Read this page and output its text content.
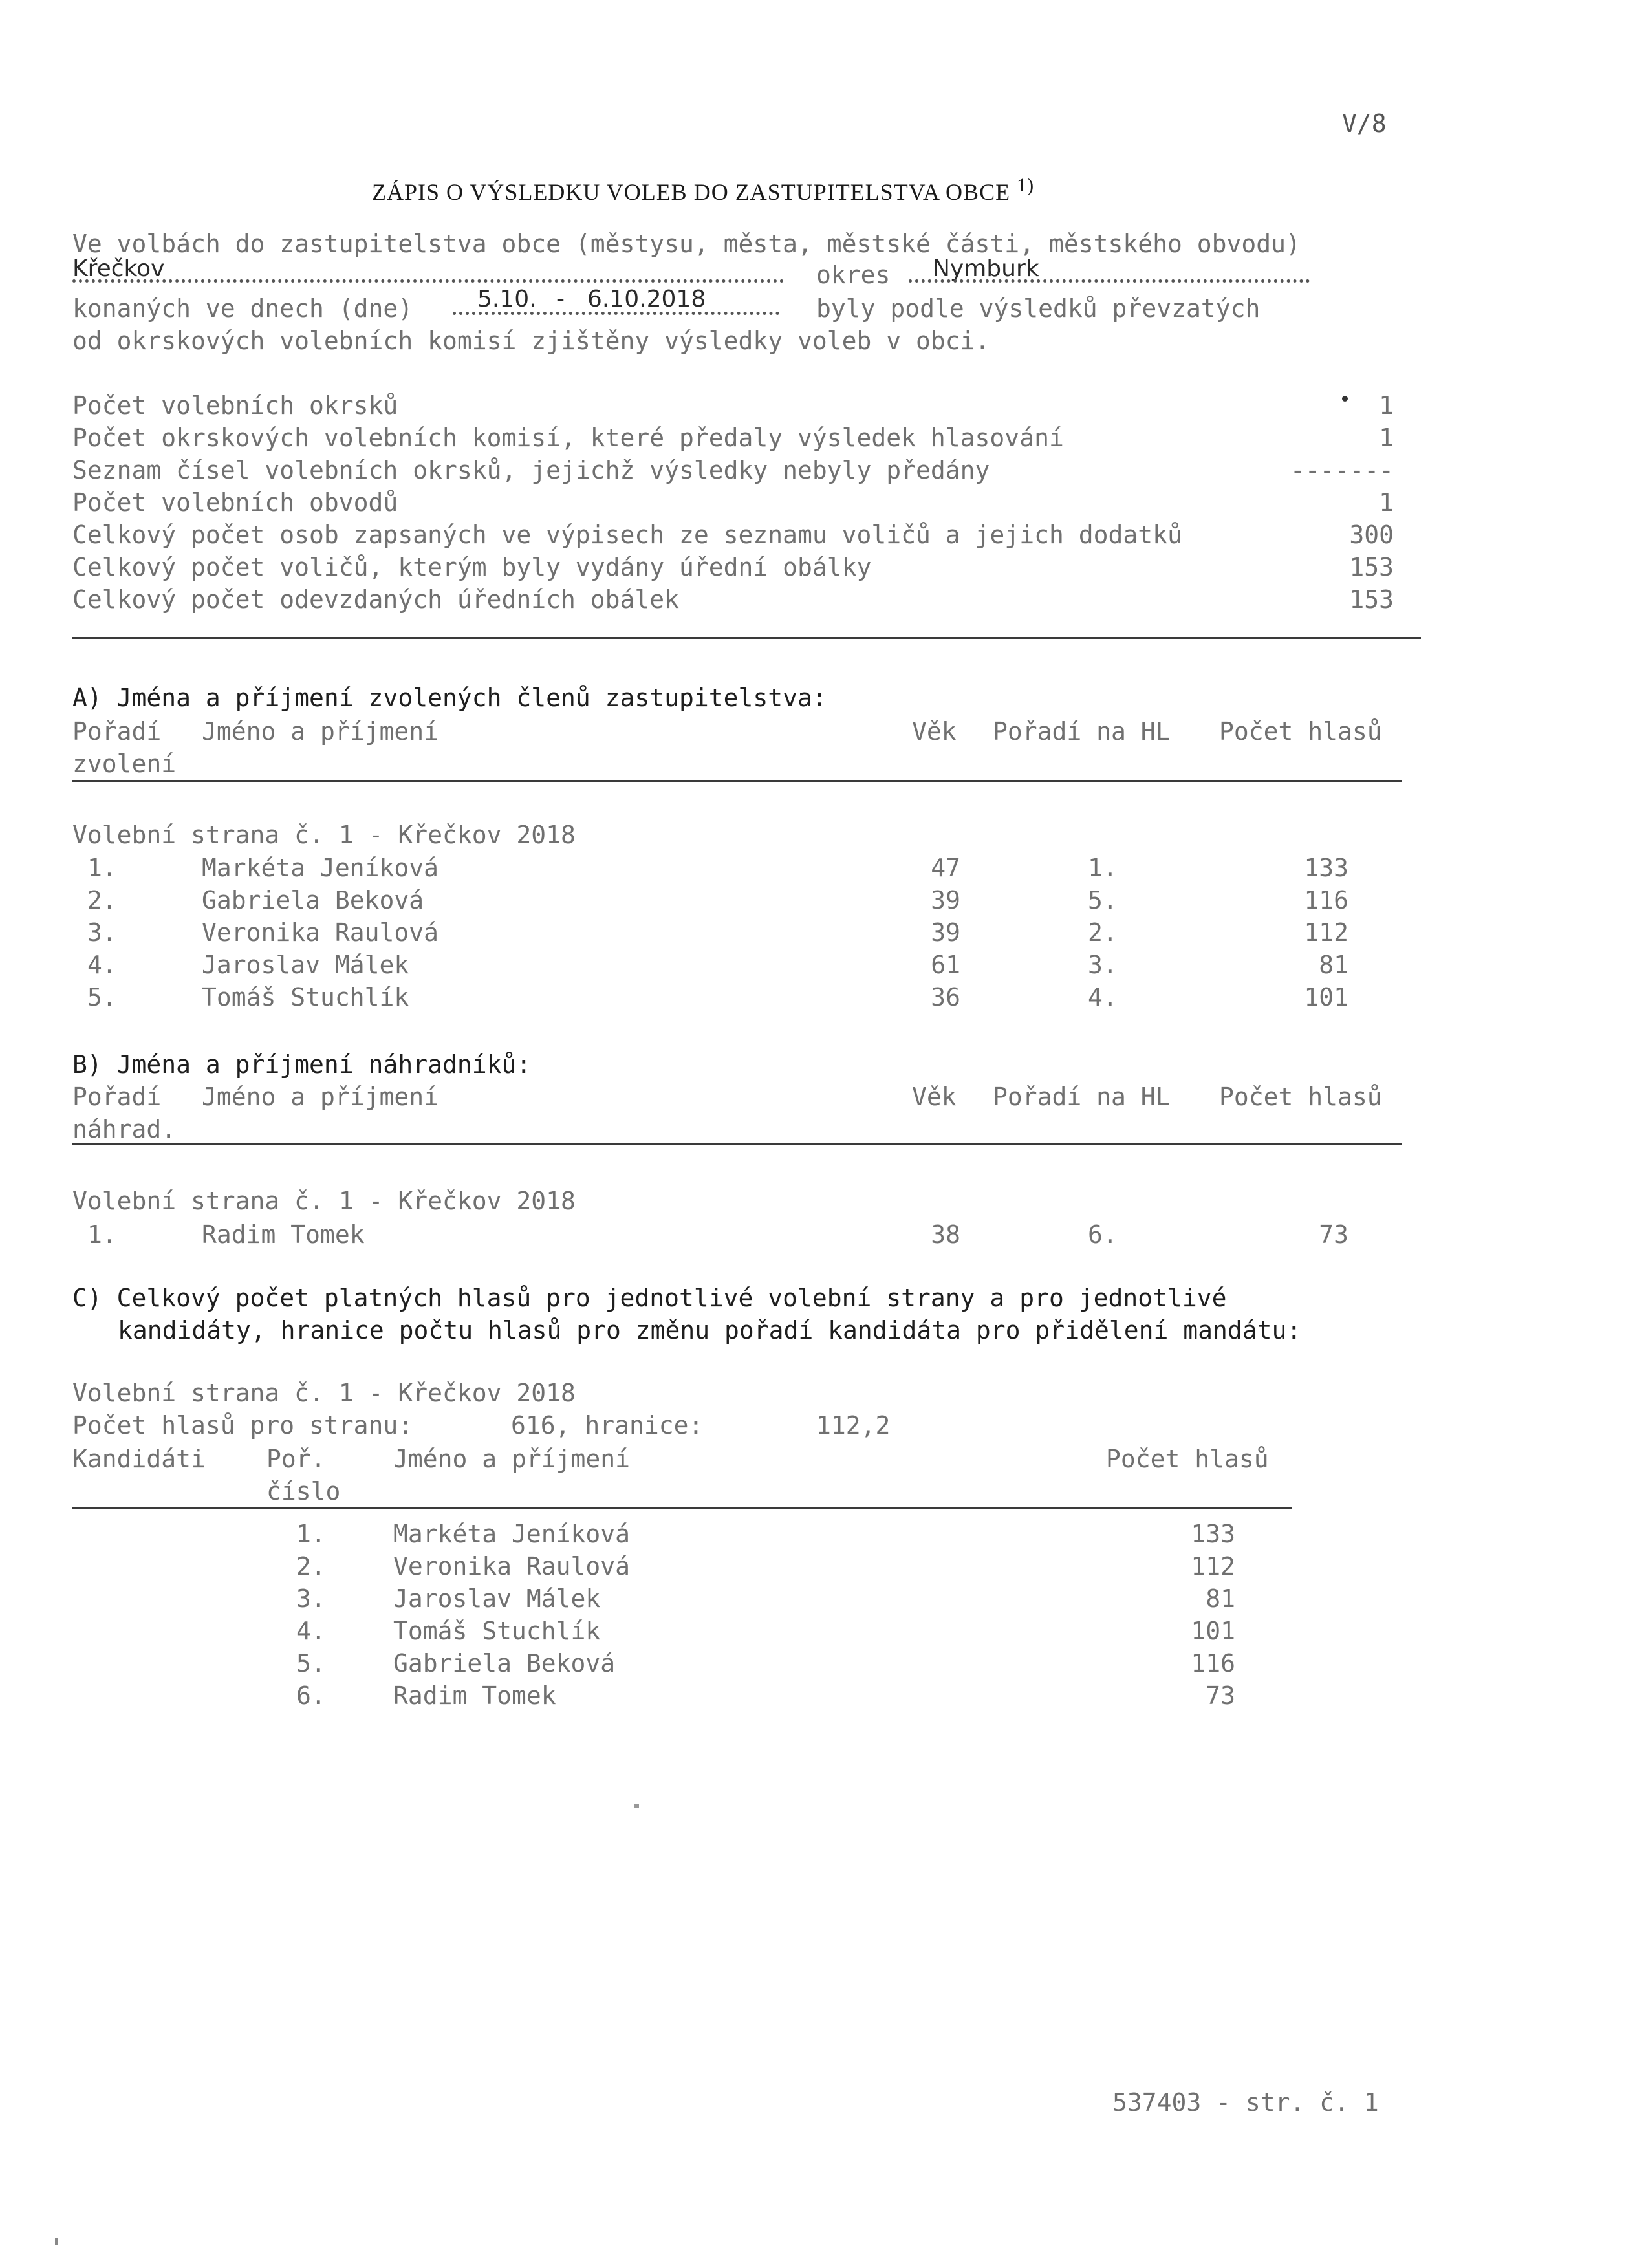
V/8
ZÁPIS O VÝSLEDKU VOLEB DO ZASTUPITELSTVA OBCE $^{1)}$
Ve volbách do zastupitelstva obce (městysu, města, městské části, městského obvodu)
Křečkov	okres Nymburk
konaných ve dnech (dne)	5.10. - 6.10.2018	byly podle výsledků převzatých
od okrskových volebních komisí zjištěny výsledky voleb v obci.
Počet volebních okrsků	1
Počet okrskových volebních komisí, které předaly výsledek hlasování	1
Seznam čísel volebních okrsků, jejichž výsledky nebyly předány	-------
Počet volebních obvodů	1
Celkový počet osob zapsaných ve výpisech ze seznamu voličů a jejich dodatků	300
Celkový počet voličů, kterým byly vydány úřední obálky	153
Celkový počet odevzdaných úředních obálek	153
A) Jména a příjmení zvolených členů zastupitelstva:
Pořadí Jméno a příjmení	Věk Pořadí na HL Počet hlasů
zvolení
Volební strana č. 1 - Křečkov 2018
1.	Markéta Jeníková	47	1.	133
2.	Gabriela Beková	39	5.	116
3.	Veronika Raulová	39	2.	112
4.	Jaroslav Málek	61	3.	81
5.	Tomáš Stuchlík	36	4.	101
B) Jména a příjmení náhradníků:
Pořadí Jméno a příjmení	Věk Pořadí na HL Počet hlasů
náhrad.
Volební strana č. 1 - Křečkov 2018
1.	Radim Tomek	38	6.	73
C) Celkový počet platných hlasů pro jednotlivé volební strany a pro jednotlivé
kandidáty, hranice počtu hlasů pro změnu pořadí kandidáta pro přidělení mandátu:
Volební strana č. 1 - Křečkov 2018
Počet hlasů pro stranu:	616, hranice:	112,2
Kandidáti Poř.	Jméno a příjmení	Počet hlasů
číslo
1.	Markéta Jeníková	133
2.	Veronika Raulová	112
3.	Jaroslav Málek	81
4.	Tomáš Stuchlík	101
5.	Gabriela Beková	116
6.	Radim Tomek	73
537403 - str. č. 1
